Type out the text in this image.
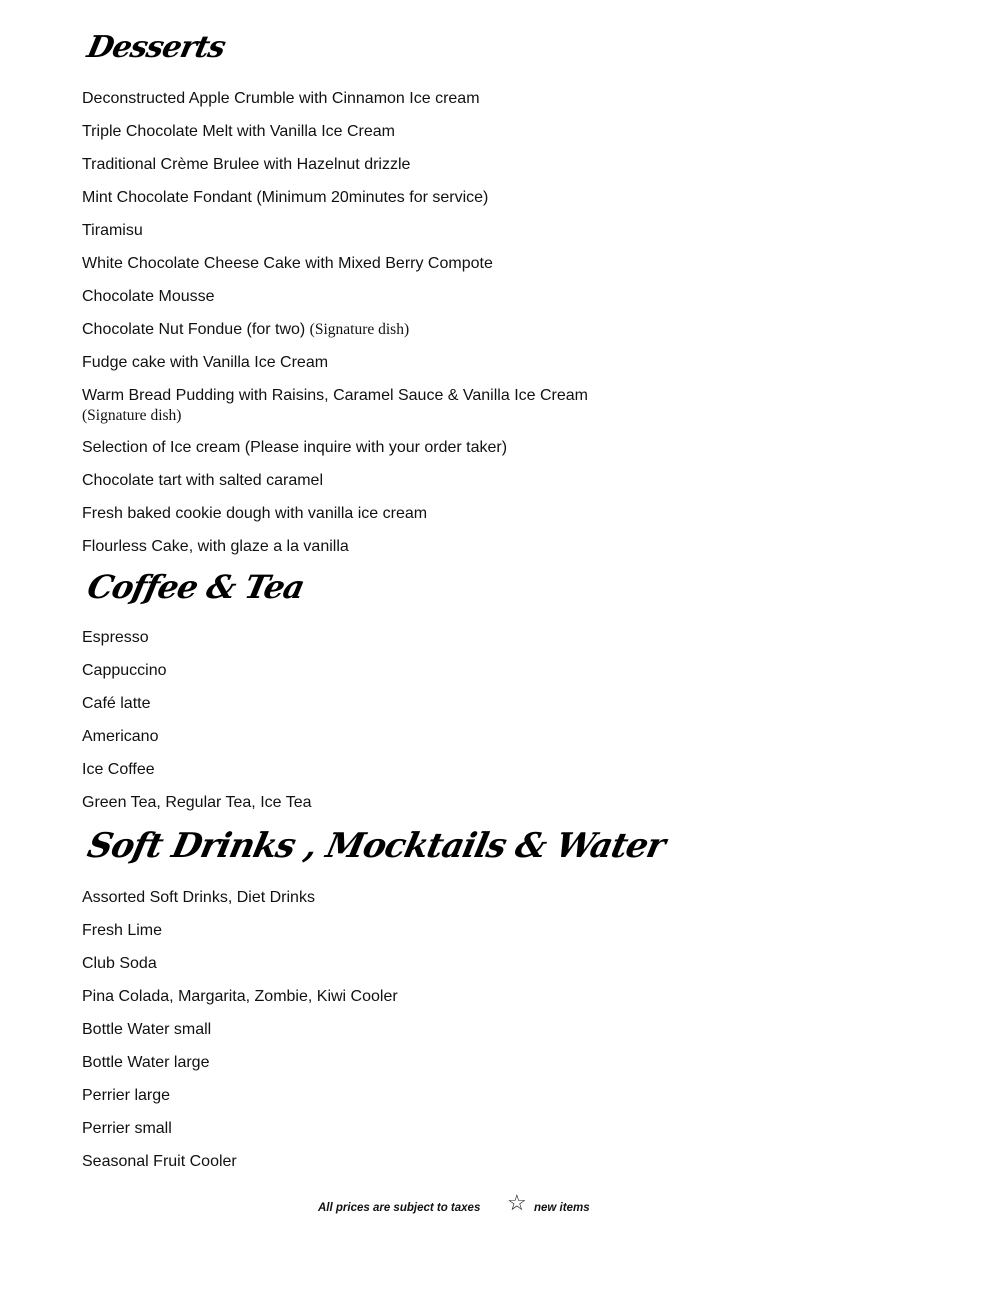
Desserts
Deconstructed Apple Crumble with Cinnamon Ice cream
Triple Chocolate Melt with Vanilla Ice Cream
Traditional Crème Brulee with Hazelnut drizzle
Mint Chocolate Fondant (Minimum 20minutes for service)
Tiramisu
White Chocolate Cheese Cake with Mixed Berry Compote
Chocolate Mousse
Chocolate Nut Fondue (for two) (Signature dish)
Fudge cake with Vanilla Ice Cream
Warm Bread Pudding with Raisins, Caramel Sauce & Vanilla Ice Cream
(Signature dish)
Selection of Ice cream (Please inquire with your order taker)
Chocolate tart with salted caramel
Fresh baked cookie dough with vanilla ice cream
Flourless Cake, with glaze a la vanilla
Coffee & Tea
Espresso
Cappuccino
Café latte
Americano
Ice Coffee
Green Tea, Regular Tea, Ice Tea
Soft Drinks , Mocktails & Water
Assorted Soft Drinks, Diet Drinks
Fresh Lime
Club Soda
Pina Colada, Margarita, Zombie, Kiwi Cooler
Bottle Water small
Bottle Water large
Perrier large
Perrier small
Seasonal Fruit Cooler
All prices are subject to taxes ☆ new items
